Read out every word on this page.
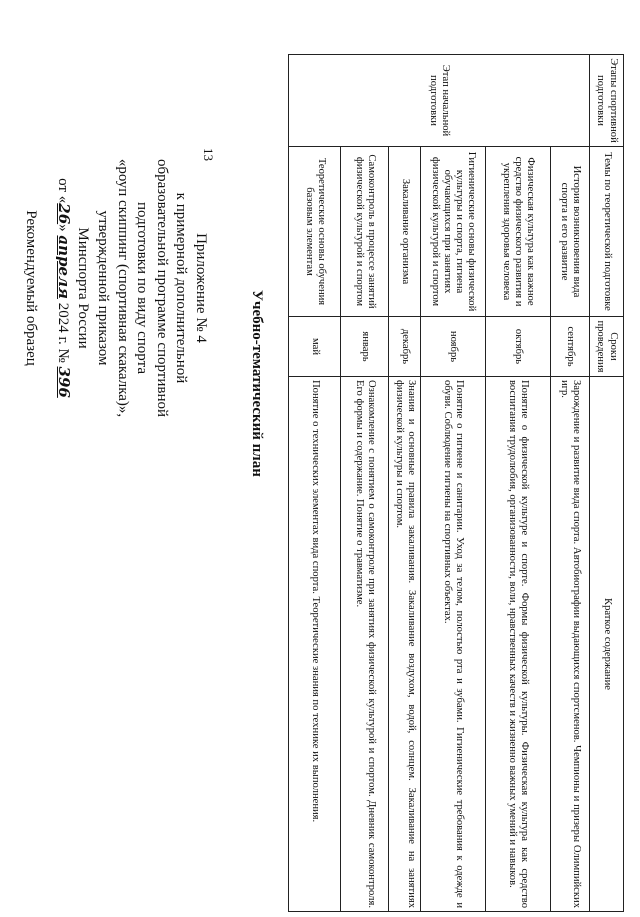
13
Приложение № 4
к примерной дополнительной
образовательной программе спортивной
подготовки по виду спорта
«роуп скиппинг (спортивная скакалка)»,
утвержденной приказом
Минспорта России
от «26» апреля 2024 г. № 396
Рекомендуемый образец
Учебно-тематический план
Этапы спортивной подготовки	Темы по теоретической подготовке	Сроки проведения	Краткое содержание
Этап начальной подготовки	История возникновения вида спорта и его развитие	сентябрь	Зарождение и развитие вида спорта. Автобиографии выдающихся спортсменов. Чемпионы и призеры Олимпийских игр.
	Физическая культура как важное средство физического развития и укрепления здоровья человека	октябрь	Понятие о физической культуре и спорте. Формы физической культуры. Физическая культура как средство воспитания трудолюбия, организованности, воли, нравственных качеств и жизненно важных умений и навыков.
	Гигиенические основы физической культуры и спорта, гигиена обучающихся при занятиях физической культурой и спортом	ноябрь	Понятие о гигиене и санитарии. Уход за телом, полостью рта и зубами. Гигиенические требования к одежде и обуви. Соблюдение гигиены на спортивных объектах.
	Закаливание организма	декабрь	Знания и основные правила закаливания. Закаливание воздухом, водой, солнцем. Закаливание на занятиях физической культуры и спортом.
	Самоконтроль в процессе занятий физической культурой и спортом	январь	Ознакомление с понятием о самоконтроле при занятиях физической культурой и спортом. Дневник самоконтроля. Его формы и содержание. Понятие о травматизме.
	Теоретические основы обучения базовым элементам	май	Понятие о технических элементах вида спорта. Теоретические знания по технике их выполнения.
